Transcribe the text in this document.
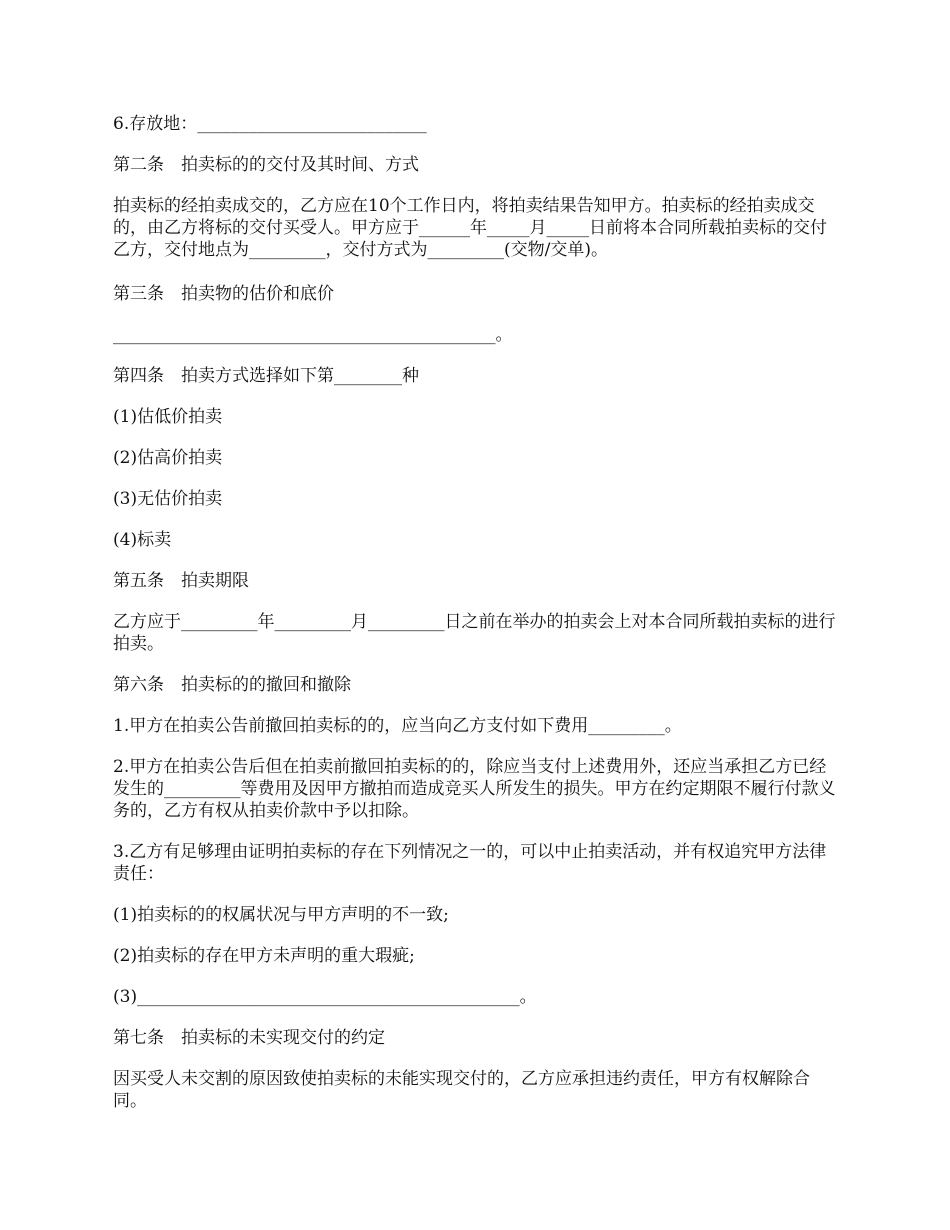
6.存放地：___________________________

第二条　拍卖标的的交付及其时间、方式

拍卖标的经拍卖成交的，乙方应在10个工作日内，将拍卖结果告知甲方。拍卖标的经拍卖成交的，由乙方将标的交付买受人。甲方应于______年_____月_____日前将本合同所载拍卖标的交付乙方，交付地点为_________，交付方式为_________(交物/交单)。

第三条　拍卖物的估价和底价

_____________________________________________。

第四条　拍卖方式选择如下第________种

(1)估低价拍卖

(2)估高价拍卖

(3)无估价拍卖

(4)标卖

第五条　拍卖期限

乙方应于_________年_________月_________日之前在举办的拍卖会上对本合同所载拍卖标的进行拍卖。

第六条　拍卖标的的撤回和撤除

1.甲方在拍卖公告前撤回拍卖标的的，应当向乙方支付如下费用_________。

2.甲方在拍卖公告后但在拍卖前撤回拍卖标的的，除应当支付上述费用外，还应当承担乙方已经发生的_________等费用及因甲方撤拍而造成竞买人所发生的损失。甲方在约定期限不履行付款义务的，乙方有权从拍卖价款中予以扣除。

3.乙方有足够理由证明拍卖标的存在下列情况之一的，可以中止拍卖活动，并有权追究甲方法律责任：

(1)拍卖标的的权属状况与甲方声明的不一致;

(2)拍卖标的存在甲方未声明的重大瑕疵;

(3)_____________________________________________。

第七条　拍卖标的未实现交付的约定

因买受人未交割的原因致使拍卖标的未能实现交付的，乙方应承担违约责任，甲方有权解除合同。
